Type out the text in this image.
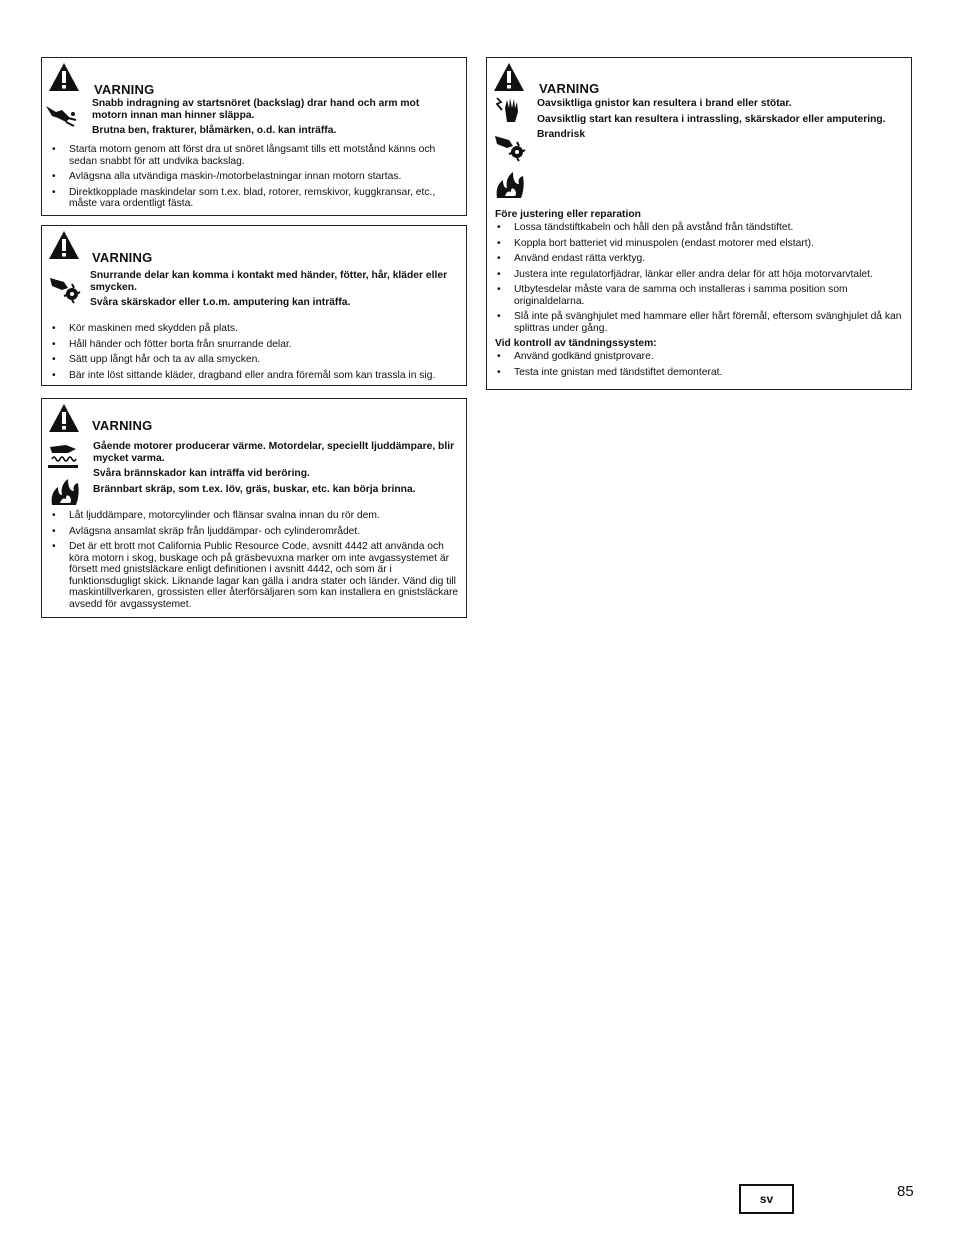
VARNING

Snabb indragning av startsnöret (backslag) drar hand och arm mot motorn innan man hinner släppa.

Brutna ben, frakturer, blåmärken, o.d. kan inträffa.

• Starta motorn genom att först dra ut snöret långsamt tills ett motstånd känns och sedan snabbt för att undvika backslag.
• Avlägsna alla utvändiga maskin-/motorbelastningar innan motorn startas.
• Direktkopplade maskindelar som t.ex. blad, rotorer, remskivor, kuggkransar, etc., måste vara ordentligt fästa.
VARNING

Snurrande delar kan komma i kontakt med händer, fötter, hår, kläder eller smycken.

Svåra skärskador eller t.o.m. amputering kan inträffa.

• Kör maskinen med skydden på plats.
• Håll händer och fötter borta från snurrande delar.
• Sätt upp långt hår och ta av alla smycken.
• Bär inte löst sittande kläder, dragband eller andra föremål som kan trassla in sig.
VARNING

Gående motorer producerar värme. Motordelar, speciellt ljuddämpare, blir mycket varma.

Svåra brännskador kan inträffa vid beröring.

Brännbart skräp, som t.ex. löv, gräs, buskar, etc. kan börja brinna.

• Låt ljuddämpare, motorcylinder och flänsar svalna innan du rör dem.
• Avlägsna ansamlat skräp från ljuddämpar- och cylinderområdet.
• Det är ett brott mot California Public Resource Code, avsnitt 4442 att använda och köra motorn i skog, buskage och på gräsbevuxna marker om inte avgassystemet är försett med gnistsläckare enligt definitionen i avsnitt 4442, och som är i funktionsdugligt skick. Liknande lagar kan gälla i andra stater och länder. Vänd dig till maskintillverkaren, grossisten eller återförsäljaren som kan installera en gnistsläckare avsedd för avgassystemet.
VARNING

Oavsiktliga gnistor kan resultera i brand eller stötar.

Oavsiktlig start kan resultera i intrassling, skärskador eller amputering.

Brandrisk

Före justering eller reparation
• Lossa tändstiftkabeln och håll den på avstånd från tändstiftet.
• Koppla bort batteriet vid minuspolen (endast motorer med elstart).
• Använd endast rätta verktyg.
• Justera inte regulatorfjädrar, länkar eller andra delar för att höja motorvarvtalet.
• Utbytesdelar måste vara de samma och installeras i samma position som originaldelarna.
• Slå inte på svänghjulet med hammare eller hårt föremål, eftersom svänghjulet då kan splittras under gång.
Vid kontroll av tändningssystem:
• Använd godkänd gnistprovare.
• Testa inte gnistan med tändstiftet demonterat.
sv	85
